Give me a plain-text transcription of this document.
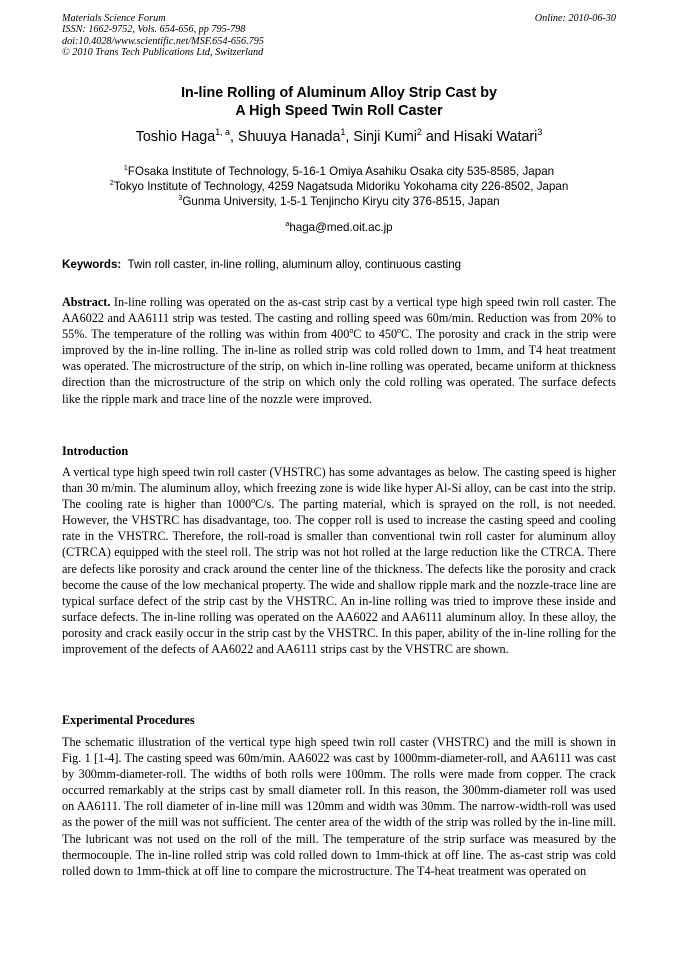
Materials Science Forum
ISSN: 1662-9752, Vols. 654-656, pp 795-798
doi:10.4028/www.scientific.net/MSF.654-656.795
© 2010 Trans Tech Publications Ltd, Switzerland
Online: 2010-06-30
In-line Rolling of Aluminum Alloy Strip Cast by
A High Speed Twin Roll Caster
Toshio Haga$^{1, a}$, Shuuya Hanada$^1$, Sinji Kumi$^2$ and Hisaki Watari$^3$
$^1$FOsaka Institute of Technology, 5-16-1 Omiya Asahiku Osaka city 535-8585, Japan
$^2$Tokyo Institute of Technology, 4259 Nagatsuda Midoriku Yokohama city 226-8502, Japan
$^3$Gunma University, 1-5-1 Tenjincho Kiryu city 376-8515, Japan
$^a$haga@med.oit.ac.jp
Keywords:  Twin roll caster, in-line rolling, aluminum alloy, continuous casting
Abstract. In-line rolling was operated on the as-cast strip cast by a vertical type high speed twin roll caster. The AA6022 and AA6111 strip was tested. The casting and rolling speed was 60m/min. Reduction was from 20% to 55%. The temperature of the rolling was within from 400$^o$C to 450$^o$C. The porosity and crack in the strip were improved by the in-line rolling. The in-line as rolled strip was cold rolled down to 1mm, and T4 heat treatment was operated. The microstructure of the strip, on which in-line rolling was operated, became uniform at thickness direction than the microstructure of the strip on which only the cold rolling was operated. The surface defects like the ripple mark and trace line of the nozzle were improved.
Introduction
A vertical type high speed twin roll caster (VHSTRC) has some advantages as below. The casting speed is higher than 30 m/min. The aluminum alloy, which freezing zone is wide like hyper Al-Si alloy, can be cast into the strip. The cooling rate is higher than 1000$^o$C/s. The parting material, which is sprayed on the roll, is not needed. However, the VHSTRC has disadvantage, too. The copper roll is used to increase the casting speed and cooling rate in the VHSTRC. Therefore, the roll-road is smaller than conventional twin roll caster for aluminum alloy (CTRCA) equipped with the steel roll. The strip was not hot rolled at the large reduction like the CTRCA. There are defects like porosity and crack around the center line of the thickness. The defects like the porosity and crack become the cause of the low mechanical property. The wide and shallow ripple mark and the nozzle-trace line are typical surface defect of the strip cast by the VHSTRC. An in-line rolling was tried to improve these inside and surface defects. The in-line rolling was operated on the AA6022 and AA6111 aluminum alloy. In these alloy, the porosity and crack easily occur in the strip cast by the VHSTRC. In this paper, ability of the in-line rolling for the improvement of the defects of AA6022 and AA6111 strips cast by the VHSTRC are shown.
Experimental Procedures
The schematic illustration of the vertical type high speed twin roll caster (VHSTRC) and the mill is shown in Fig. 1 [1-4]. The casting speed was 60m/min. AA6022 was cast by 1000mm-diameter-roll, and AA6111 was cast by 300mm-diameter-roll. The widths of both rolls were 100mm. The rolls were made from copper. The crack occurred remarkably at the strips cast by small diameter roll. In this reason, the 300mm-diameter roll was used on AA6111. The roll diameter of in-line mill was 120mm and width was 30mm. The narrow-width-roll was used as the power of the mill was not sufficient. The center area of the width of the strip was rolled by the in-line mill. The lubricant was not used on the roll of the mill. The temperature of the strip surface was measured by the thermocouple. The in-line rolled strip was cold rolled down to 1mm-thick at off line. The as-cast strip was cold rolled down to 1mm-thick at off line to compare the microstructure. The T4-heat treatment was operated on
